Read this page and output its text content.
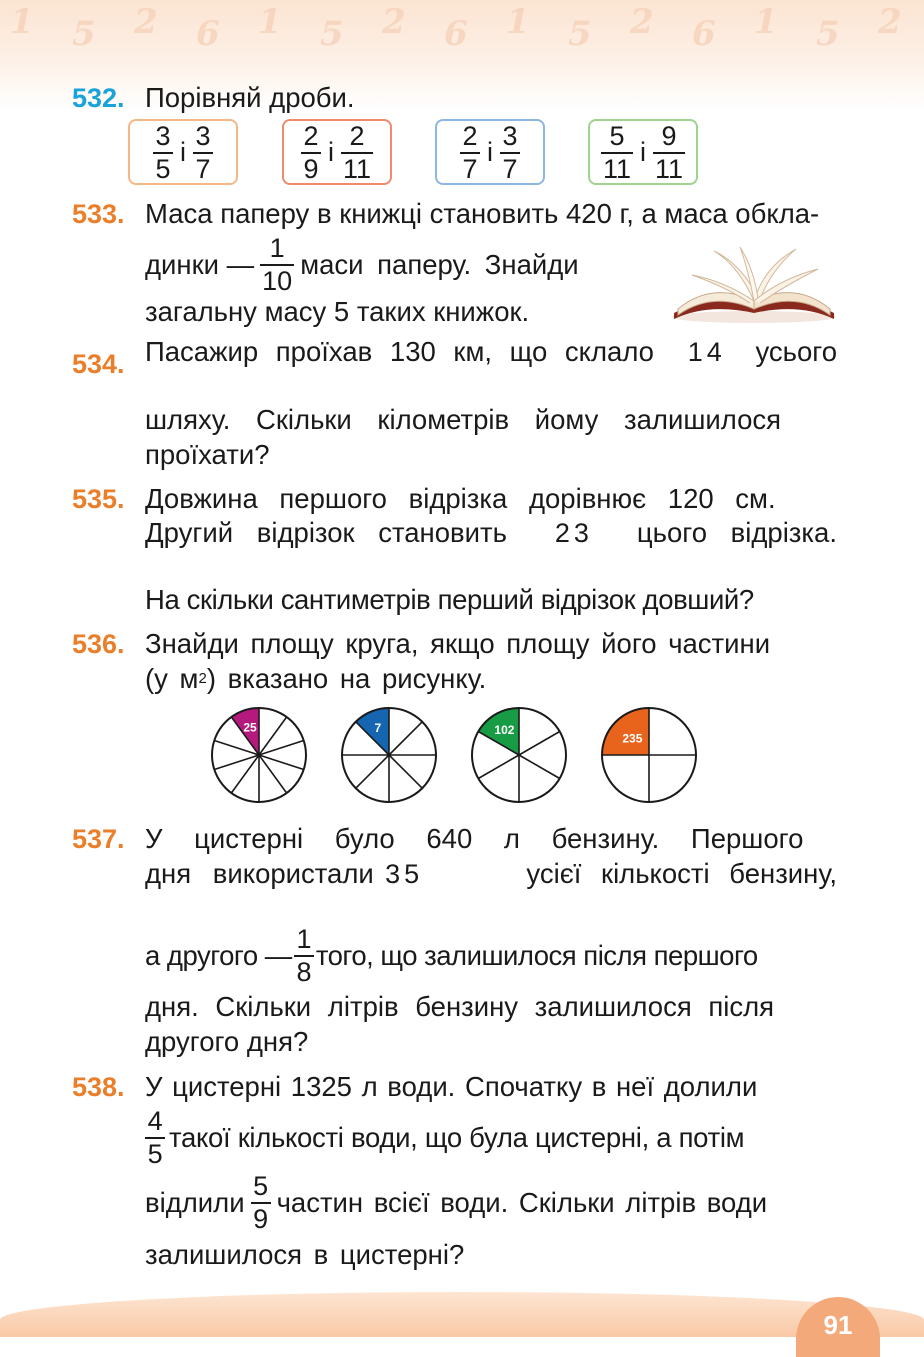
1 5 2 6 1 5 2 6 1 5 2 6 1 5 2
91
532. Порівняй дроби.
$\frac{3}{5}$ і $\frac{3}{7}$	$\frac{2}{9}$ і $\frac{2}{11}$	$\frac{2}{7}$ і $\frac{3}{7}$	$\frac{5}{11}$ і $\frac{9}{11}$
533. Маса паперу в книжці становить 420 г, а маса обкла-
динки — $\frac{1}{10}$ маси паперу. Знайди
загальну масу 5 таких книжок.
534. Пасажир проїхав 130 км, що склало 1 4 усього
шляху. Скільки кілометрів йому залишилося
проїхати?
535. Довжина першого відрізка дорівнює 120 см.
Другий відрізок становить 2 3 цього відрізка.
На скільки сантиметрів перший відрізок довший?
536. Знайди площу круга, якщо площу його частини
(у м 2 ) вказано на рисунку.
25	7	102
235
537. У цистерні було 640 л бензину. Першого
дня використали 3 5	усієї кількості бензину,
а другого — $\frac{1}{8}$ того, що залишилося після першого
дня. Скільки літрів бензину залишилося після
другого дня?
538. У цистерні 1325 л води. Спочатку в неї долили
$\frac{4}{5}$ такої кількості води, що була цистерні, а потім
відлили $\frac{5}{9}$ частин всієї води. Скільки літрів води
залишилося в цистерні?
